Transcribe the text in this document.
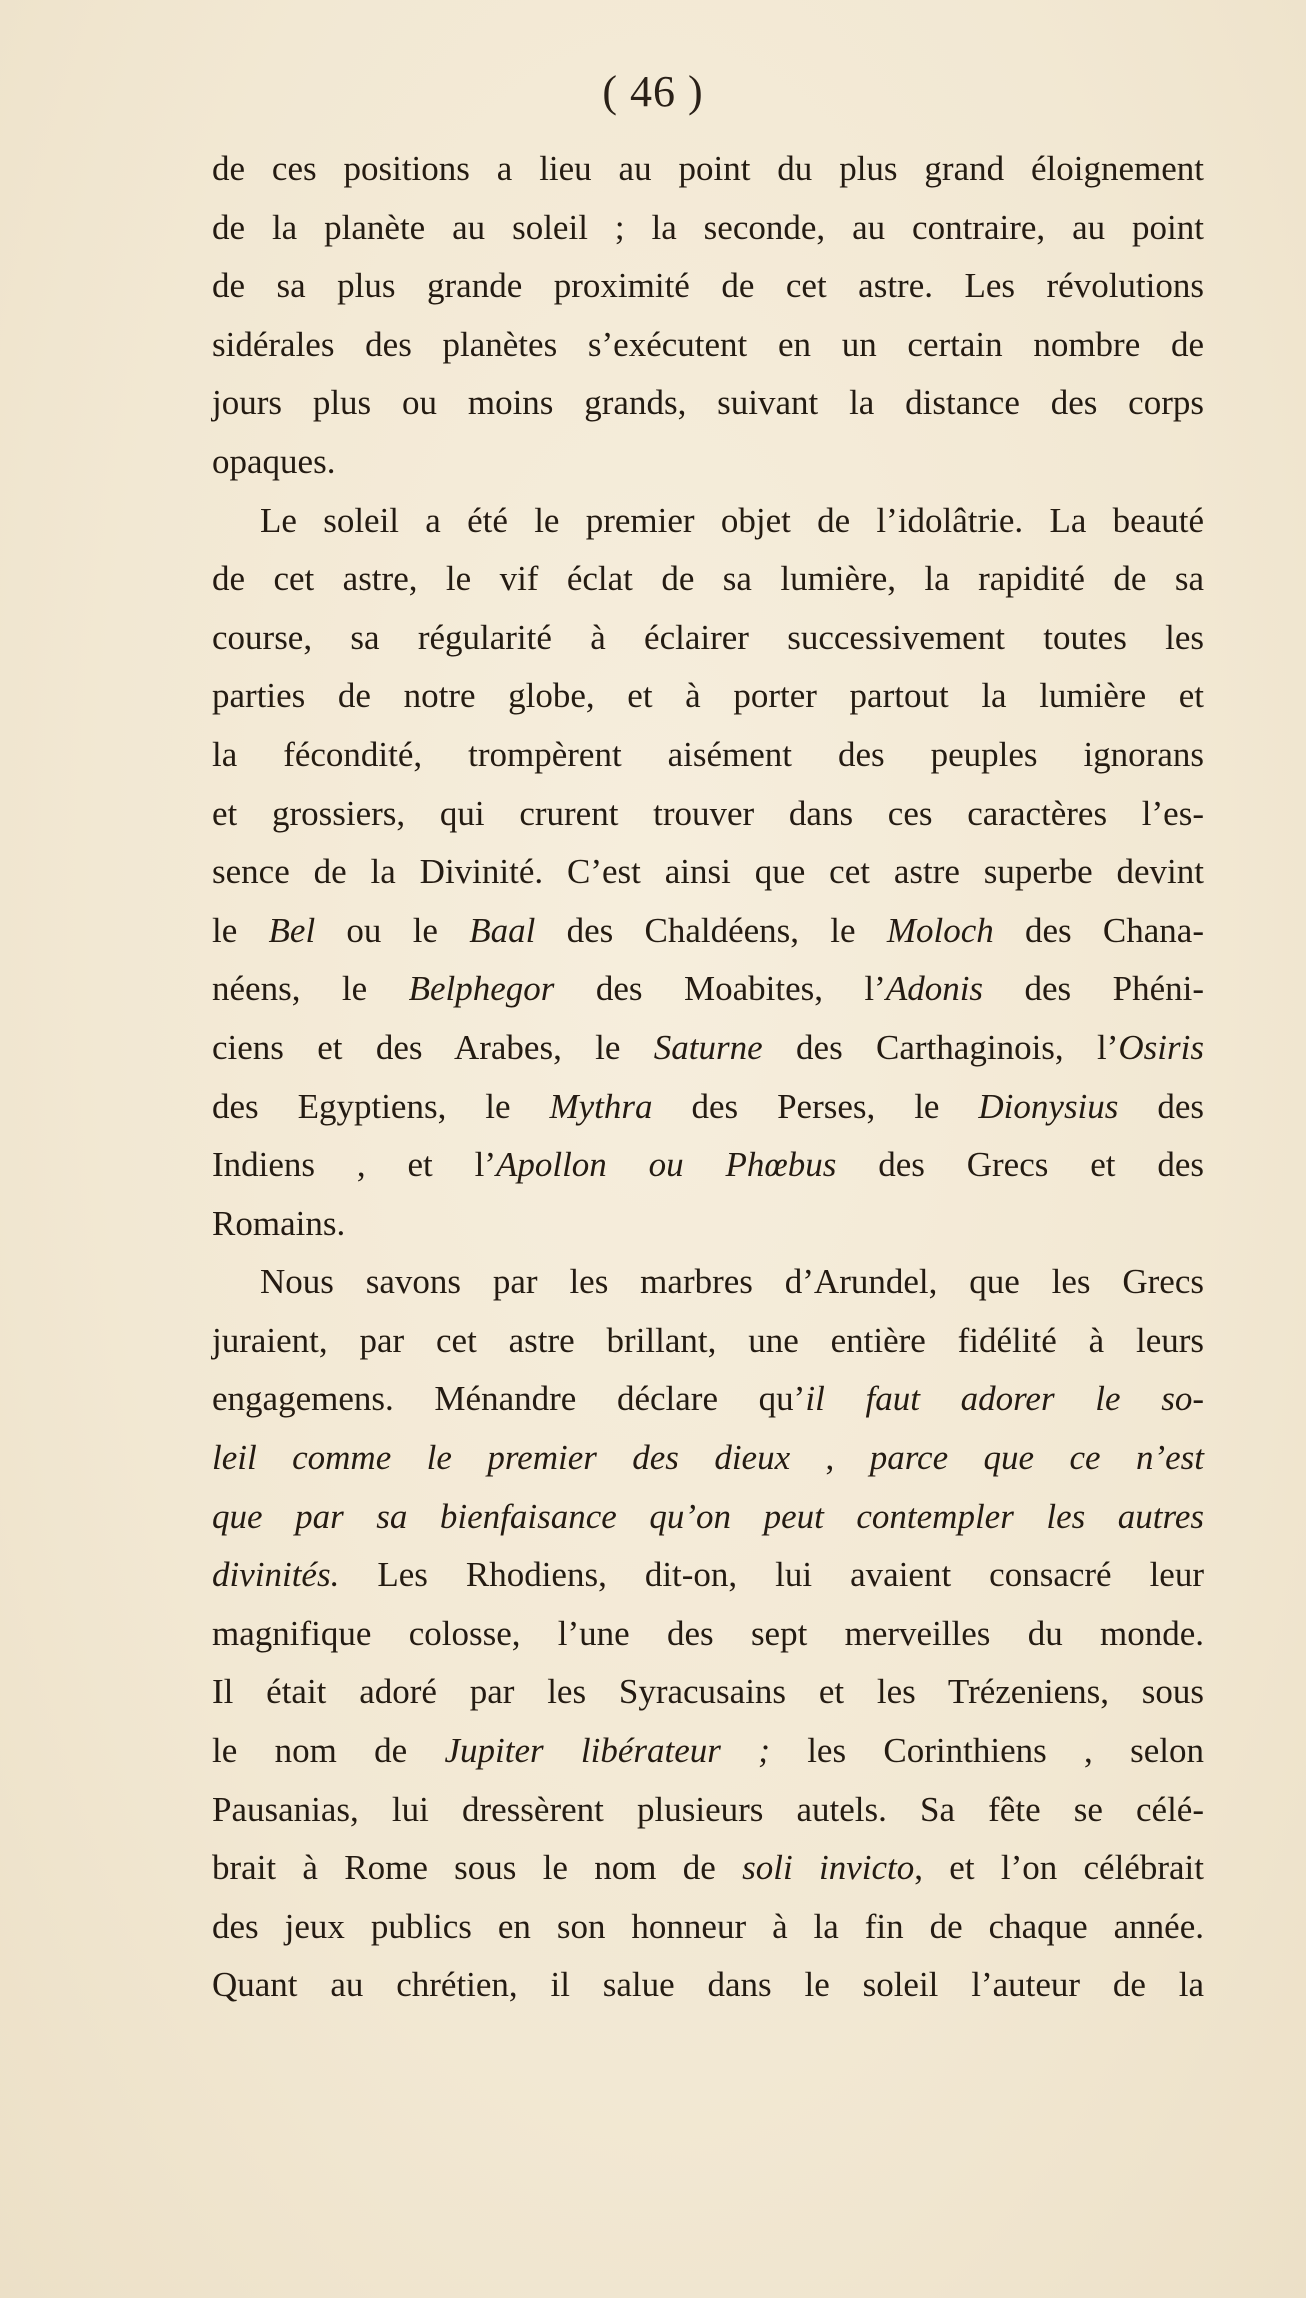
( 46 )
de ces positions a lieu au point du plus grand éloignement
de la planète au soleil ; la seconde, au contraire, au point
de sa plus grande proximité de cet astre. Les révolutions
sidérales des planètes s’exécutent en un certain nombre de
jours plus ou moins grands, suivant la distance des corps
opaques.
Le soleil a été le premier objet de l’idolâtrie. La beauté
de cet astre, le vif éclat de sa lumière, la rapidité de sa
course, sa régularité à éclairer successivement toutes les
parties de notre globe, et à porter partout la lumière et
la fécondité, trompèrent aisément des peuples ignorans
et grossiers, qui crurent trouver dans ces caractères l’es-
sence de la Divinité. C’est ainsi que cet astre superbe devint
le Bel ou le Baal des Chaldéens, le Moloch des Chana-
néens, le Belphegor des Moabites, l’Adonis des Phéni-
ciens et des Arabes, le Saturne des Carthaginois, l’Osiris
des Egyptiens, le Mythra des Perses, le Dionysius des
Indiens , et l’Apollon ou Phœbus des Grecs et des
Romains.
Nous savons par les marbres d’Arundel, que les Grecs
juraient, par cet astre brillant, une entière fidélité à leurs
engagemens. Ménandre déclare qu’il faut adorer le so-
leil comme le premier des dieux , parce que ce n’est
que par sa bienfaisance qu’on peut contempler les autres
divinités. Les Rhodiens, dit-on, lui avaient consacré leur
magnifique colosse, l’une des sept merveilles du monde.
Il était adoré par les Syracusains et les Trézeniens, sous
le nom de Jupiter libérateur ; les Corinthiens , selon
Pausanias, lui dressèrent plusieurs autels. Sa fête se célé-
brait à Rome sous le nom de soli invicto, et l’on célébrait
des jeux publics en son honneur à la fin de chaque année.
Quant au chrétien, il salue dans le soleil l’auteur de la
